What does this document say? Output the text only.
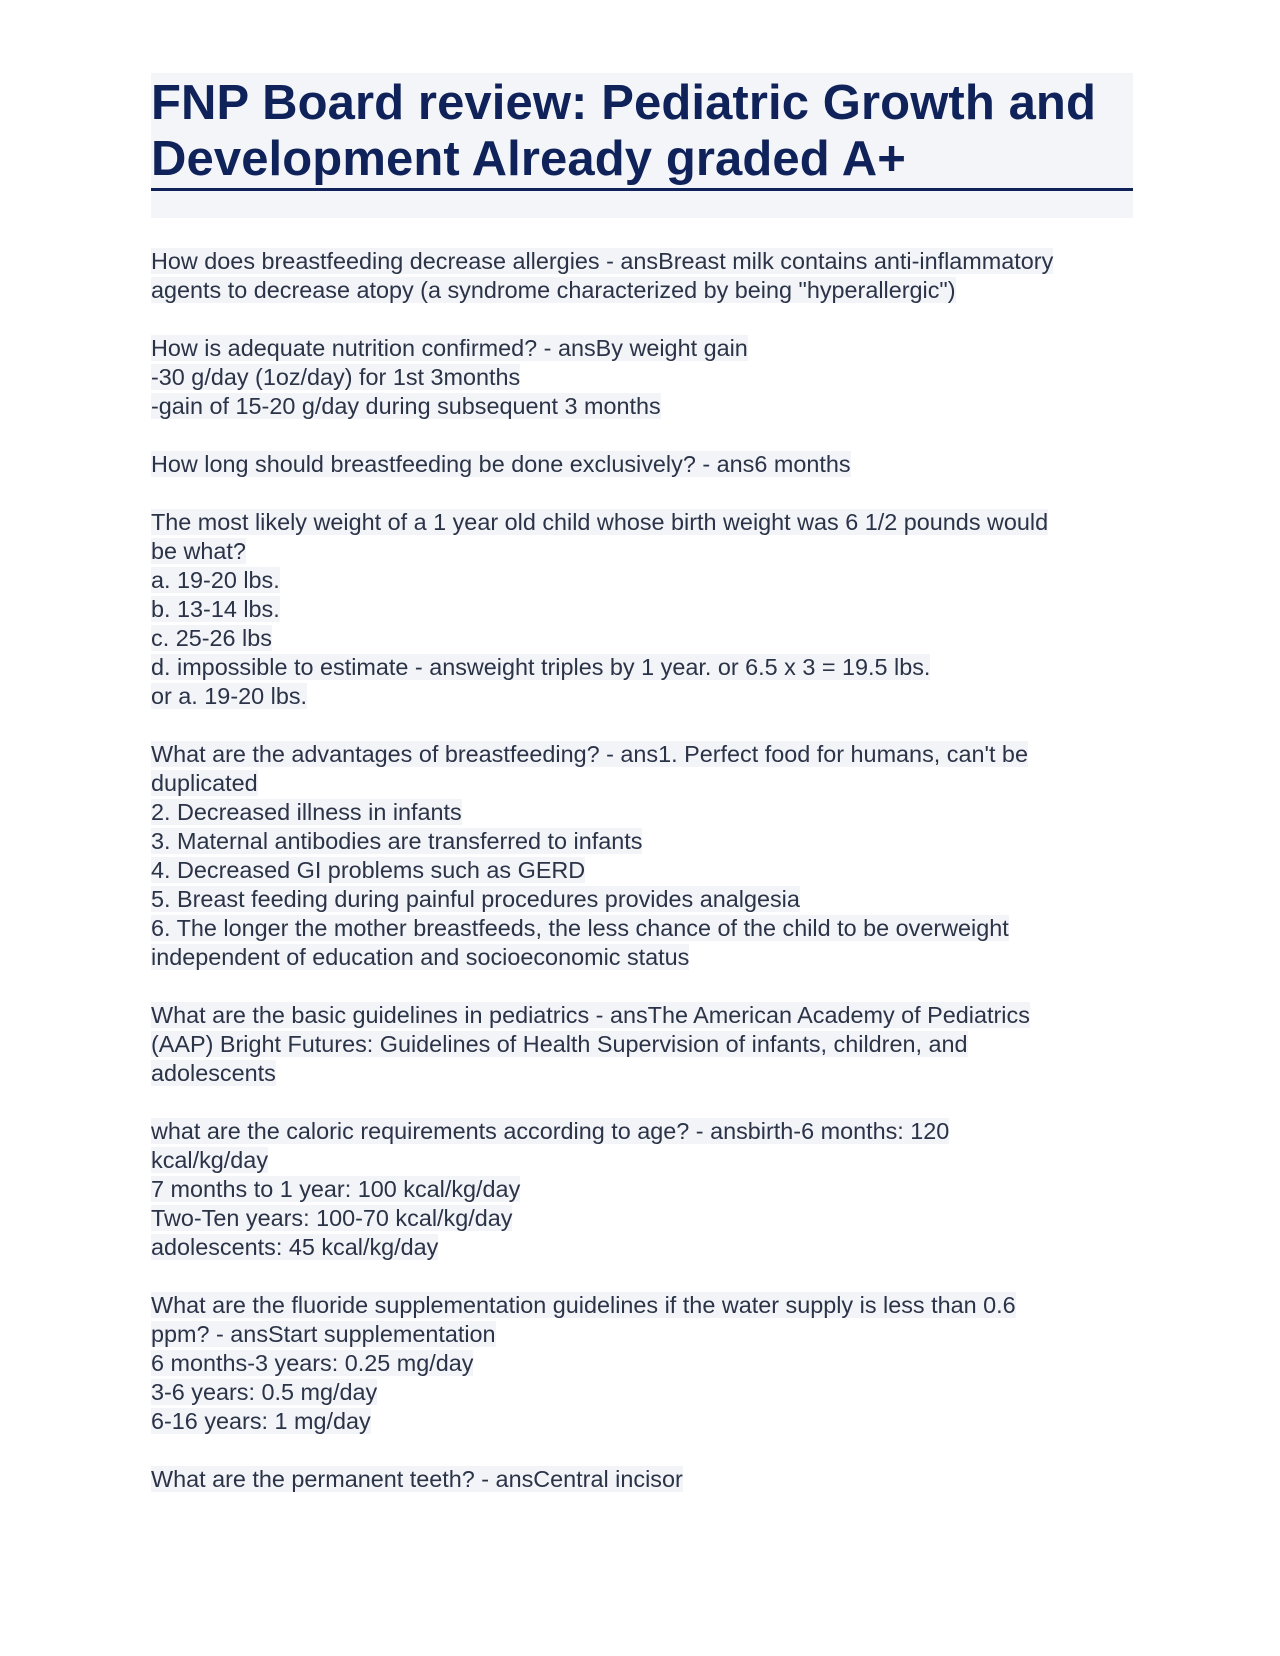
FNP Board review: Pediatric Growth and
Development Already graded A+
How does breastfeeding decrease allergies - ansBreast milk contains anti-inflammatory
agents to decrease atopy (a syndrome characterized by being "hyperallergic")
How is adequate nutrition confirmed? - ansBy weight gain
-30 g/day (1oz/day) for 1st 3months
-gain of 15-20 g/day during subsequent 3 months
How long should breastfeeding be done exclusively? - ans6 months
The most likely weight of a 1 year old child whose birth weight was 6 1/2 pounds would
be what?
a. 19-20 lbs.
b. 13-14 lbs.
c. 25-26 lbs
d. impossible to estimate - answeight triples by 1 year. or 6.5 x 3 = 19.5 lbs.
or a. 19-20 lbs.
What are the advantages of breastfeeding? - ans1. Perfect food for humans, can't be
duplicated
2. Decreased illness in infants
3. Maternal antibodies are transferred to infants
4. Decreased GI problems such as GERD
5. Breast feeding during painful procedures provides analgesia
6. The longer the mother breastfeeds, the less chance of the child to be overweight
independent of education and socioeconomic status
What are the basic guidelines in pediatrics - ansThe American Academy of Pediatrics
(AAP) Bright Futures: Guidelines of Health Supervision of infants, children, and
adolescents
what are the caloric requirements according to age? - ansbirth-6 months: 120
kcal/kg/day
7 months to 1 year: 100 kcal/kg/day
Two-Ten years: 100-70 kcal/kg/day
adolescents: 45 kcal/kg/day
What are the fluoride supplementation guidelines if the water supply is less than 0.6
ppm? - ansStart supplementation
6 months-3 years: 0.25 mg/day
3-6 years: 0.5 mg/day
6-16 years: 1 mg/day
What are the permanent teeth? - ansCentral incisor
